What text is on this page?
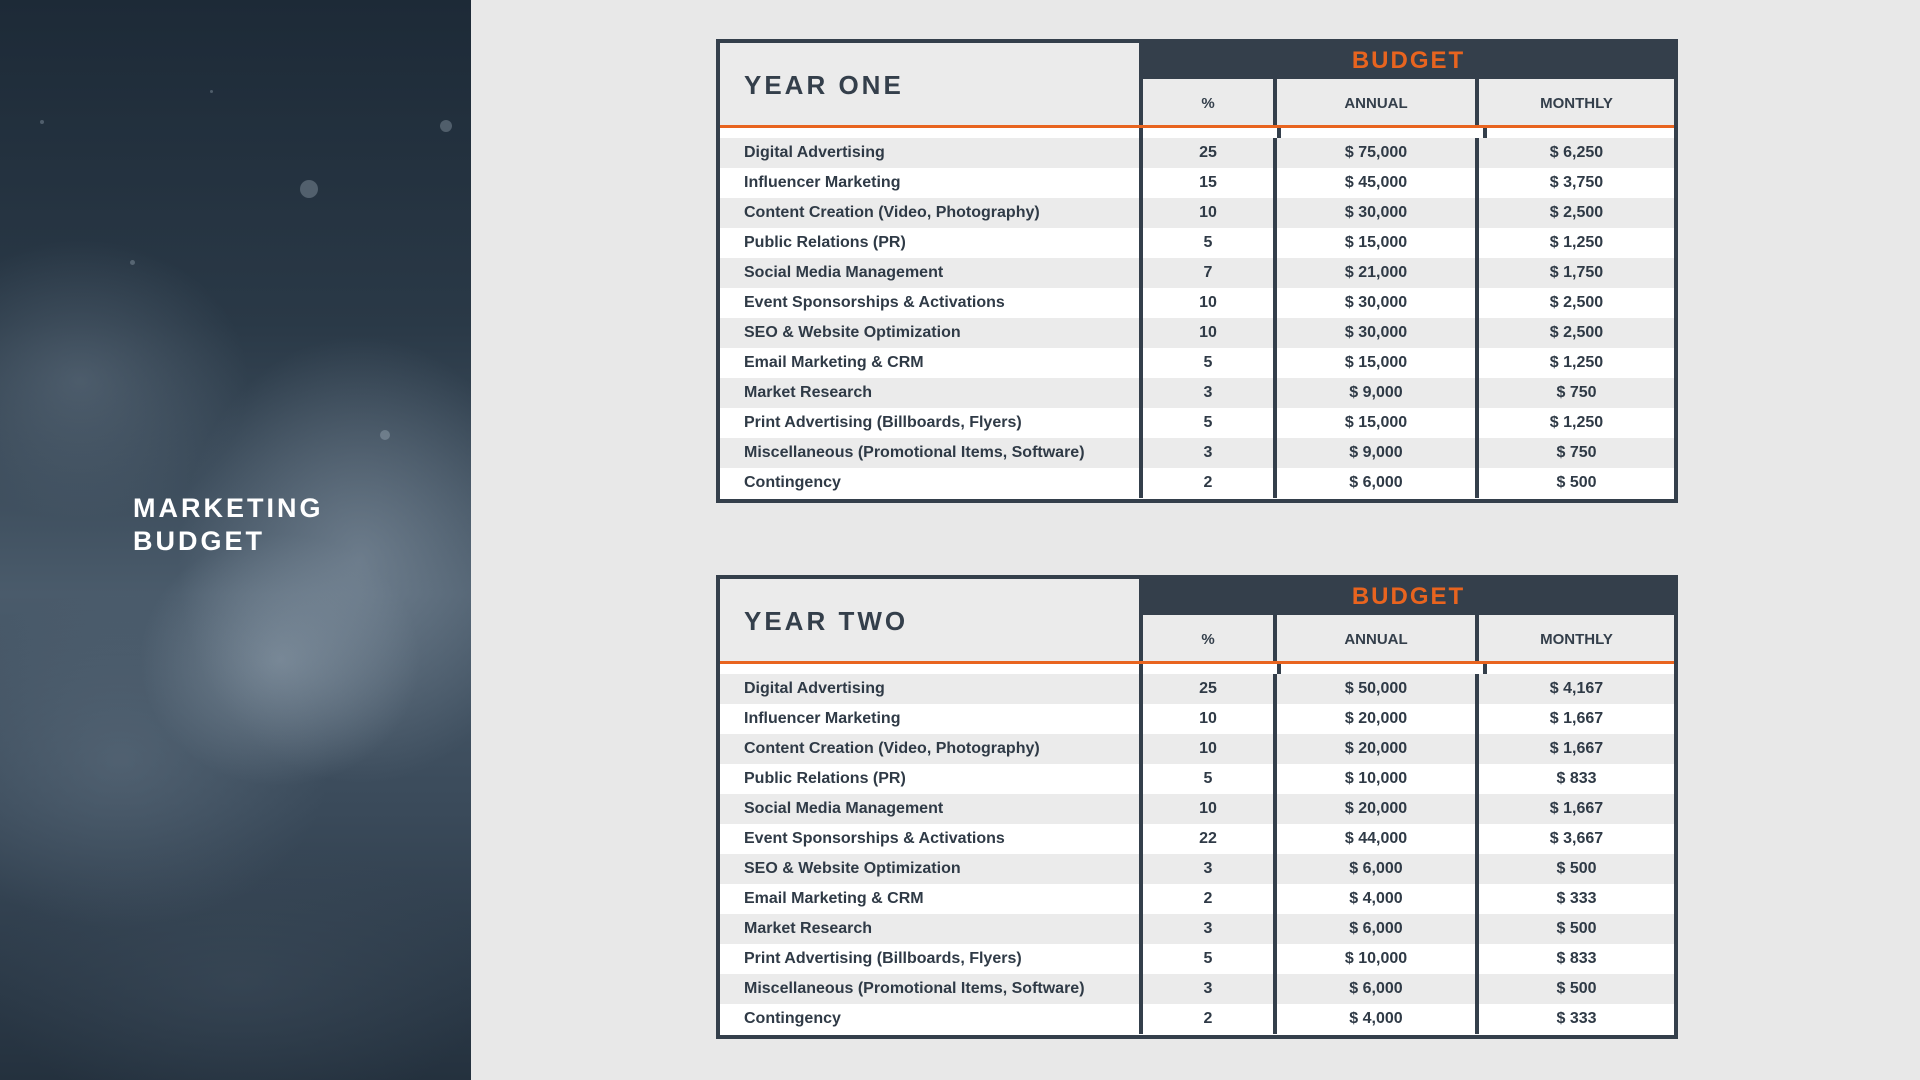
MARKETING
BUDGET
YEAR ONE
BUDGET
%	ANNUAL	MONTHLY
Digital Advertising	25	$ 75,000	$ 6,250
Influencer Marketing	15	$ 45,000	$ 3,750
Content Creation (Video, Photography)	10	$ 30,000	$ 2,500
Public Relations (PR)	5	$ 15,000	$ 1,250
Social Media Management	7	$ 21,000	$ 1,750
Event Sponsorships & Activations	10	$ 30,000	$ 2,500
SEO & Website Optimization	10	$ 30,000	$ 2,500
Email Marketing & CRM	5	$ 15,000	$ 1,250
Market Research	3	$ 9,000	$ 750
Print Advertising (Billboards, Flyers)	5	$ 15,000	$ 1,250
Miscellaneous (Promotional Items, Software)	3	$ 9,000	$ 750
Contingency	2	$ 6,000	$ 500
YEAR TWO
BUDGET
%	ANNUAL	MONTHLY
Digital Advertising	25	$ 50,000	$ 4,167
Influencer Marketing	10	$ 20,000	$ 1,667
Content Creation (Video, Photography)	10	$ 20,000	$ 1,667
Public Relations (PR)	5	$ 10,000	$ 833
Social Media Management	10	$ 20,000	$ 1,667
Event Sponsorships & Activations	22	$ 44,000	$ 3,667
SEO & Website Optimization	3	$ 6,000	$ 500
Email Marketing & CRM	2	$ 4,000	$ 333
Market Research	3	$ 6,000	$ 500
Print Advertising (Billboards, Flyers)	5	$ 10,000	$ 833
Miscellaneous (Promotional Items, Software)	3	$ 6,000	$ 500
Contingency	2	$ 4,000	$ 333
